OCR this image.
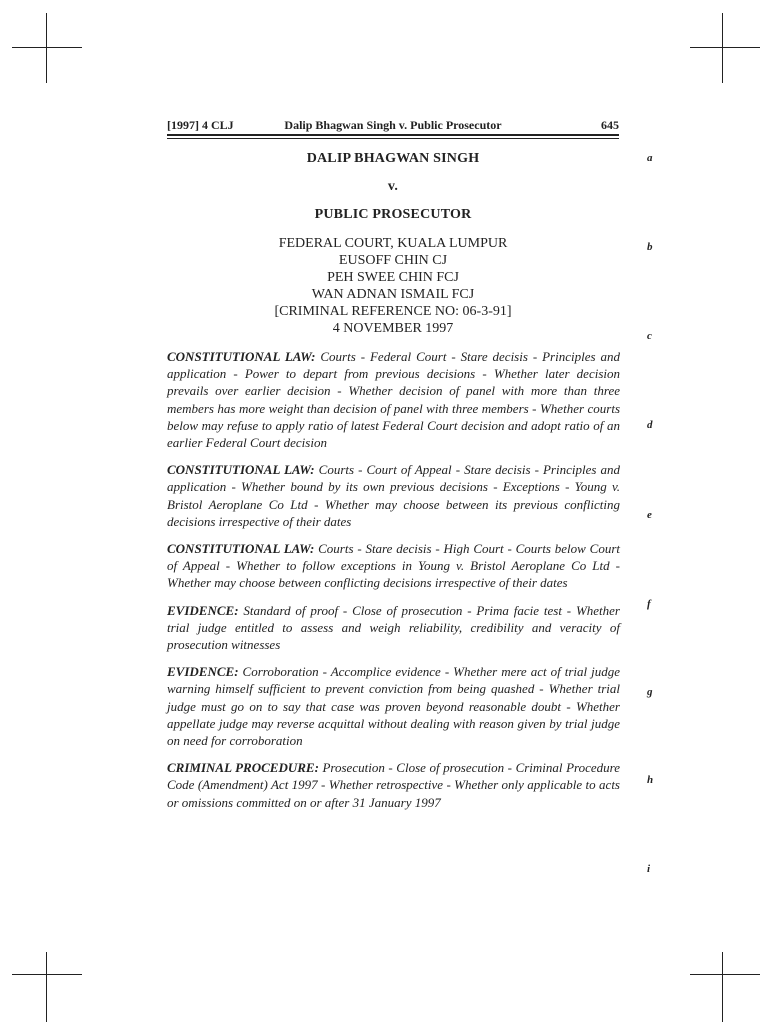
[1997] 4 CLJ	Dalip Bhagwan Singh v. Public Prosecutor	645
DALIP BHAGWAN SINGH
v.
PUBLIC PROSECUTOR
FEDERAL COURT, KUALA LUMPUR
EUSOFF CHIN CJ
PEH SWEE CHIN FCJ
WAN ADNAN ISMAIL FCJ
[CRIMINAL REFERENCE NO: 06-3-91]
4 NOVEMBER 1997

CONSTITUTIONAL LAW: Courts - Federal Court - Stare decisis - Principles and application - Power to depart from previous decisions - Whether later decision prevails over earlier decision - Whether decision of panel with more than three members has more weight than decision of panel with three members - Whether courts below may refuse to apply ratio of latest Federal Court decision and adopt ratio of an earlier Federal Court decision

CONSTITUTIONAL LAW: Courts - Court of Appeal - Stare decisis - Principles and application - Whether bound by its own previous decisions - Exceptions - Young v. Bristol Aeroplane Co Ltd - Whether may choose between its previous conflicting decisions irrespective of their dates

CONSTITUTIONAL LAW: Courts - Stare decisis - High Court - Courts below Court of Appeal - Whether to follow exceptions in Young v. Bristol Aeroplane Co Ltd - Whether may choose between conflicting decisions irrespective of their dates

EVIDENCE: Standard of proof - Close of prosecution - Prima facie test - Whether trial judge entitled to assess and weigh reliability, credibility and veracity of prosecution witnesses

EVIDENCE: Corroboration - Accomplice evidence - Whether mere act of trial judge warning himself sufficient to prevent conviction from being quashed - Whether trial judge must go on to say that case was proven beyond reasonable doubt - Whether appellate judge may reverse acquittal without dealing with reason given by trial judge on need for corroboration

CRIMINAL PROCEDURE: Prosecution - Close of prosecution - Criminal Procedure Code (Amendment) Act 1997 - Whether retrospective - Whether only applicable to acts or omissions committed on or after 31 January 1997

a
b
c
d
e
f
g
h
i
